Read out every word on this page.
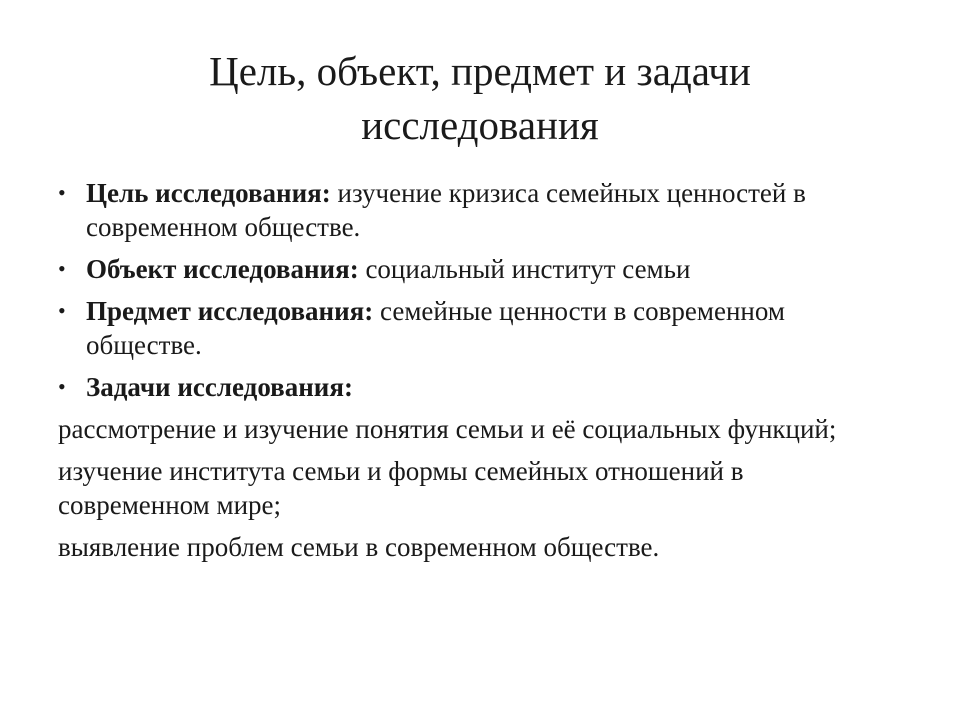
Цель, объект, предмет и задачи
исследования
• Цель исследования: изучение кризиса семейных ценностей в современном обществе.
• Объект исследования: социальный институт семьи
• Предмет исследования: семейные ценности в современном обществе.
• Задачи исследования:
рассмотрение и изучение понятия семьи и её социальных функций;
изучение института семьи и формы семейных отношений в современном мире;
выявление проблем семьи в современном обществе.
